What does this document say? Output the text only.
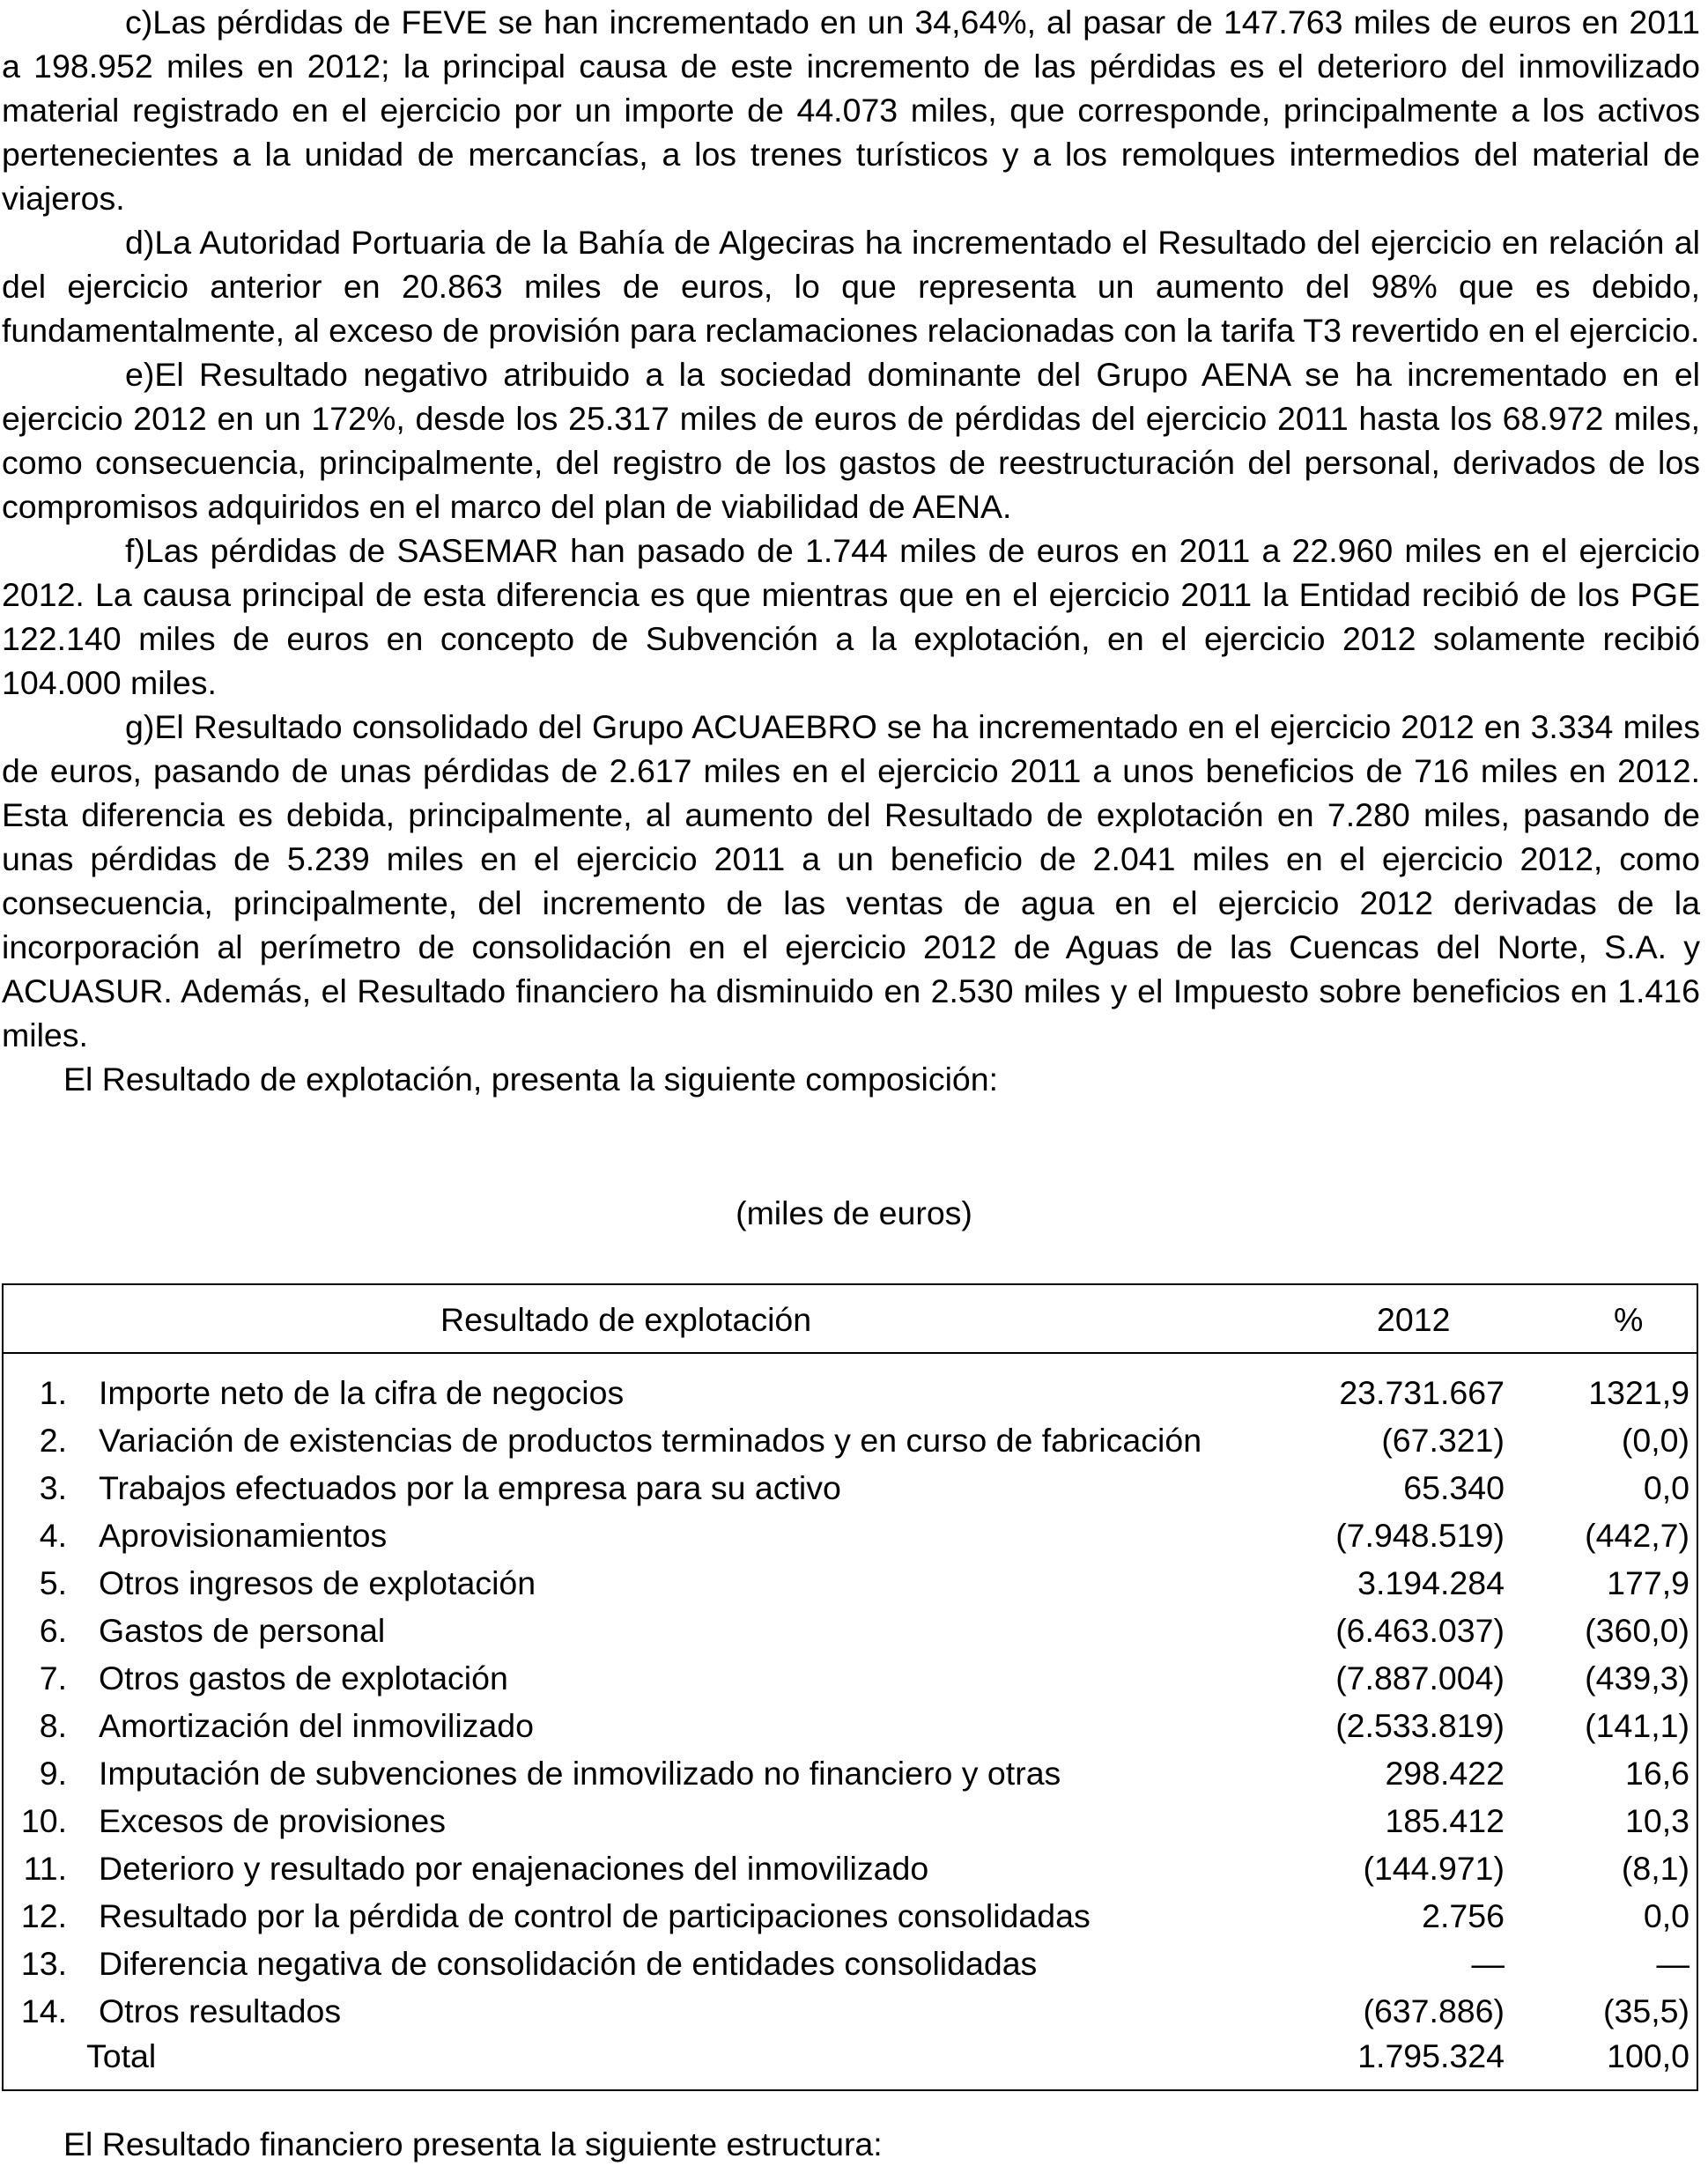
c)Las pérdidas de FEVE se han incrementado en un 34,64%, al pasar de 147.763 miles de euros en 2011 a 198.952 miles en 2012; la principal causa de este incremento de las pérdidas es el deterioro del inmovilizado material registrado en el ejercicio por un importe de 44.073 miles, que corresponde, principalmente a los activos pertenecientes a la unidad de mercancías, a los trenes turísticos y a los remolques intermedios del material de viajeros.

d)La Autoridad Portuaria de la Bahía de Algeciras ha incrementado el Resultado del ejercicio en relación al del ejercicio anterior en 20.863 miles de euros, lo que representa un aumento del 98% que es debido, fundamentalmente, al exceso de provisión para reclamaciones relacionadas con la tarifa T3 revertido en el ejercicio.

e)El Resultado negativo atribuido a la sociedad dominante del Grupo AENA se ha incrementado en el ejercicio 2012 en un 172%, desde los 25.317 miles de euros de pérdidas del ejercicio 2011 hasta los 68.972 miles, como consecuencia, principalmente, del registro de los gastos de reestructuración del personal, derivados de los compromisos adquiridos en el marco del plan de viabilidad de AENA.

f)Las pérdidas de SASEMAR han pasado de 1.744 miles de euros en 2011 a 22.960 miles en el ejercicio 2012. La causa principal de esta diferencia es que mientras que en el ejercicio 2011 la Entidad recibió de los PGE 122.140 miles de euros en concepto de Subvención a la explotación, en el ejercicio 2012 solamente recibió 104.000 miles.

g)El Resultado consolidado del Grupo ACUAEBRO se ha incrementado en el ejercicio 2012 en 3.334 miles de euros, pasando de unas pérdidas de 2.617 miles en el ejercicio 2011 a unos beneficios de 716 miles en 2012. Esta diferencia es debida, principalmente, al aumento del Resultado de explotación en 7.280 miles, pasando de unas pérdidas de 5.239 miles en el ejercicio 2011 a un beneficio de 2.041 miles en el ejercicio 2012, como consecuencia, principalmente, del incremento de las ventas de agua en el ejercicio 2012 derivadas de la incorporación al perímetro de consolidación en el ejercicio 2012 de Aguas de las Cuencas del Norte, S.A. y ACUASUR. Además, el Resultado financiero ha disminuido en 2.530 miles y el Impuesto sobre beneficios en 1.416 miles.

El Resultado de explotación, presenta la siguiente composición:

(miles de euros)
Resultado de explotación	2012	%
1. Importe neto de la cifra de negocios	23.731.667	1321,9
2. Variación de existencias de productos terminados y en curso de fabricación	(67.321)	(0,0)
3. Trabajos efectuados por la empresa para su activo	65.340	0,0
4. Aprovisionamientos	(7.948.519) (442,7)
5. Otros ingresos de explotación	3.194.284	177,9
6. Gastos de personal	(6.463.037) (360,0)
7. Otros gastos de explotación	(7.887.004) (439,3)
8. Amortización del inmovilizado	(2.533.819) (141,1)
9. Imputación de subvenciones de inmovilizado no financiero y otras	298.422	16,6
10. Excesos de provisiones	185.412	10,3
11. Deterioro y resultado por enajenaciones del inmovilizado	(144.971)	(8,1)
12. Resultado por la pérdida de control de participaciones consolidadas	2.756	0,0
13. Diferencia negativa de consolidación de entidades consolidadas	—	—
14. Otros resultados	(637.886)	(35,5)
Total	1.795.324	100,0
El Resultado financiero presenta la siguiente estructura:
